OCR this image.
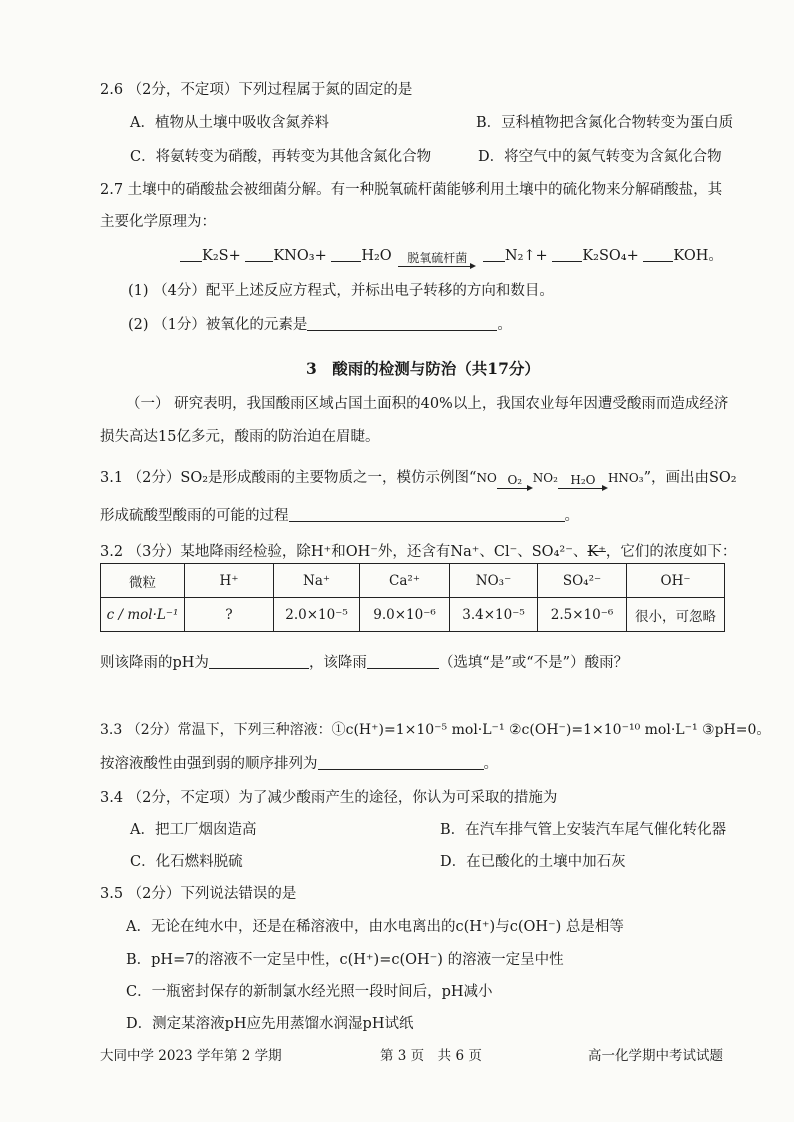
2.6 （2分，不定项）下列过程属于氮的固定的是
A．植物从土壤中吸收含氮养料	B．豆科植物把含氮化合物转变为蛋白质
C．将氨转变为硝酸，再转变为其他含氮化合物	D．将空气中的氮气转变为含氮化合物
2.7 土壤中的硝酸盐会被细菌分解。有一种脱氧硫杆菌能够利用土壤中的硫化物来分解硝酸盐，其
主要化学原理为：
K₂S+ KNO₃+ H₂O	脱氧硫杆菌	N₂↑+ K₂SO₄+ KOH。
(1) （4分）配平上述反应方程式，并标出电子转移的方向和数目。
(2) （1分）被氧化的元素是	。
3　酸雨的检测与防治（共17分）
（一） 研究表明，我国酸雨区域占国土面积的40%以上，我国农业每年因遭受酸雨而造成经济
损失高达15亿多元，酸雨的防治迫在眉睫。
3.1 （2分）SO₂是形成酸雨的主要物质之一，模仿示例图“NO O₂ NO₂	H₂O	HNO₃”，画出由SO₂
形成硫酸型酸雨的可能的过程	。
3.2 （3分）某地降雨经检验，除H⁺和OH⁻外，还含有Na⁺、Cl⁻、SO₄²⁻、K⁺，它们的浓度如下：
微粒	H⁺	Na⁺	Ca²⁺	NO₃⁻	SO₄²⁻	OH⁻
c / mol·L⁻¹	?	2.0×10⁻⁵	9.0×10⁻⁶	3.4×10⁻⁵	2.5×10⁻⁶	很小，可忽略
则该降雨的pH为	，该降雨	（选填“是”或“不是”）酸雨？
3.3 （2分）常温下，下列三种溶液：①c(H⁺)=1×10⁻⁵ mol·L⁻¹ ②c(OH⁻)=1×10⁻¹⁰ mol·L⁻¹ ③pH=0。
按溶液酸性由强到弱的顺序排列为	。
3.4 （2分，不定项）为了减少酸雨产生的途径，你认为可采取的措施为
A．把工厂烟囱造高	B．在汽车排气管上安装汽车尾气催化转化器
C．化石燃料脱硫	D．在已酸化的土壤中加石灰
3.5 （2分）下列说法错误的是
A．无论在纯水中，还是在稀溶液中，由水电离出的c(H⁺)与c(OH⁻) 总是相等
B．pH=7的溶液不一定呈中性，c(H⁺)=c(OH⁻) 的溶液一定呈中性
C．一瓶密封保存的新制氯水经光照一段时间后，pH减小
D．测定某溶液pH应先用蒸馏水润湿pH试纸
大同中学 2023 学年第 2 学期	第 3 页　共 6 页	高一化学期中考试试题
